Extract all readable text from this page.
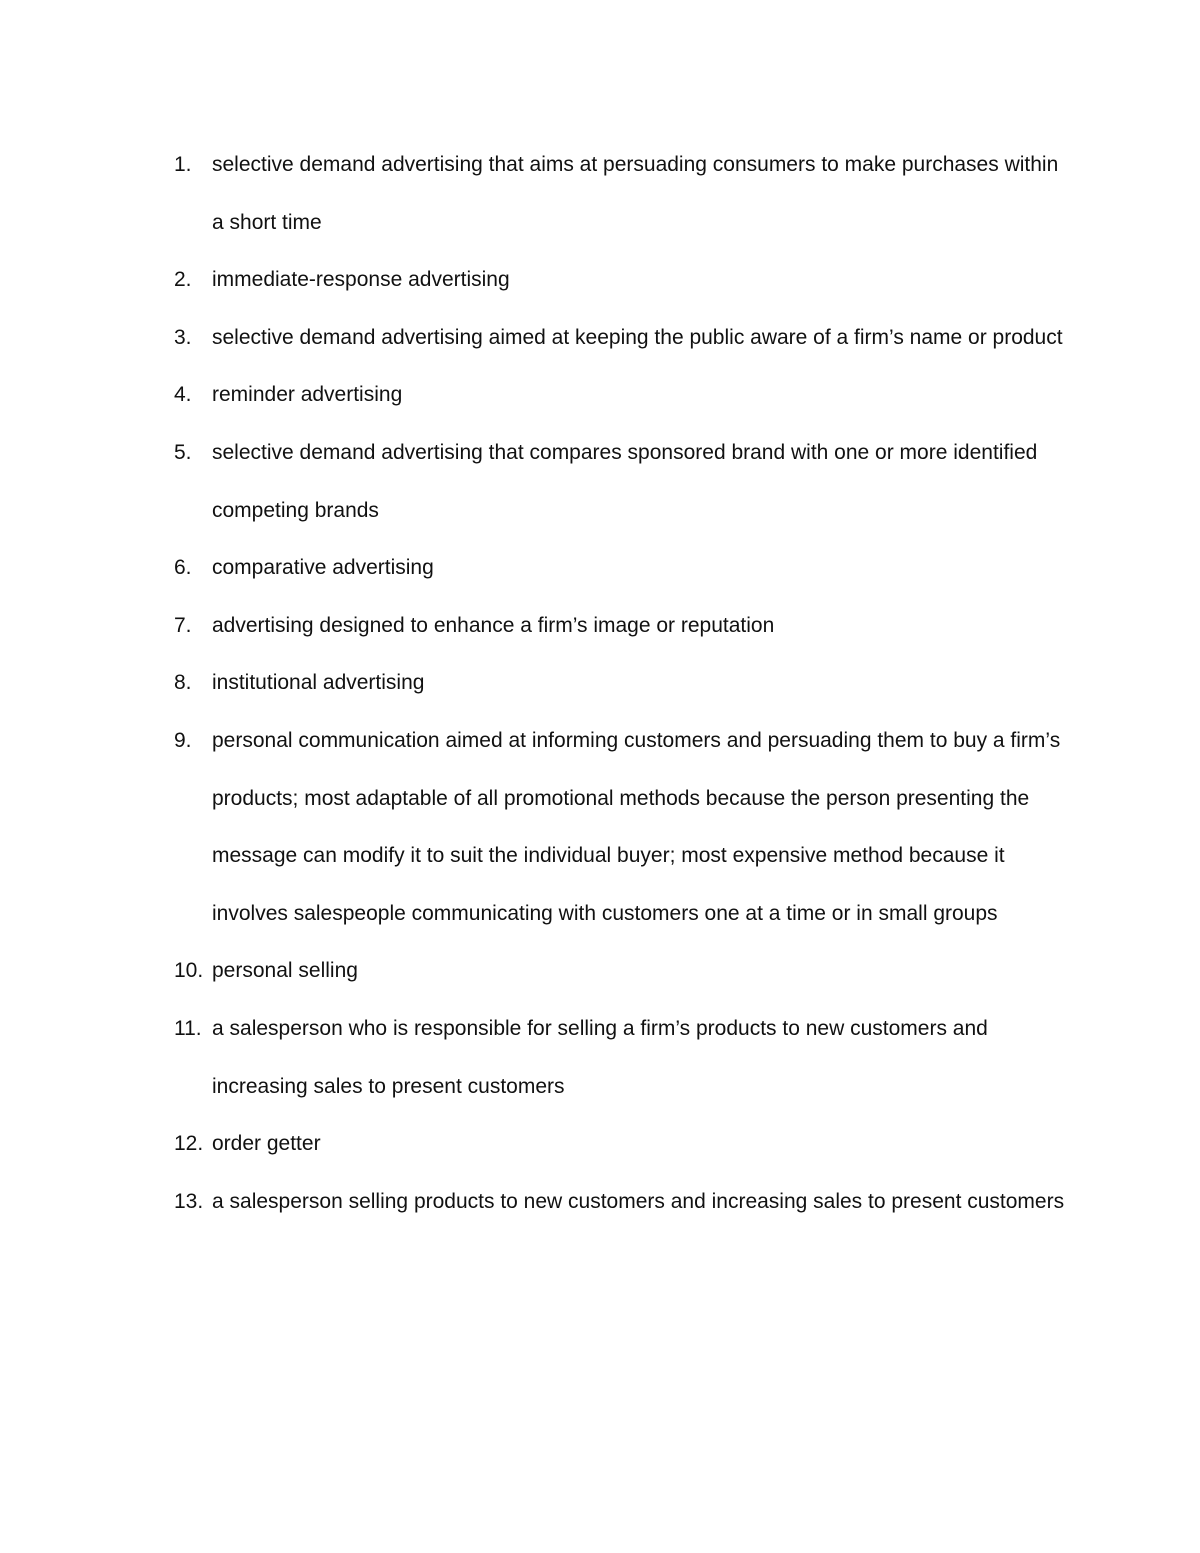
1. selective demand advertising that aims at persuading consumers to make purchases within a short time
2. immediate-response advertising
3. selective demand advertising aimed at keeping the public aware of a firm’s name or product
4. reminder advertising
5. selective demand advertising that compares sponsored brand with one or more identified competing brands
6. comparative advertising
7. advertising designed to enhance a firm’s image or reputation
8. institutional advertising
9. personal communication aimed at informing customers and persuading them to buy a firm’s products; most adaptable of all promotional methods because the person presenting the message can modify it to suit the individual buyer; most expensive method because it involves salespeople communicating with customers one at a time or in small groups
10. personal selling
11. a salesperson who is responsible for selling a firm’s products to new customers and increasing sales to present customers
12. order getter
13. a salesperson selling products to new customers and increasing sales to present customers
